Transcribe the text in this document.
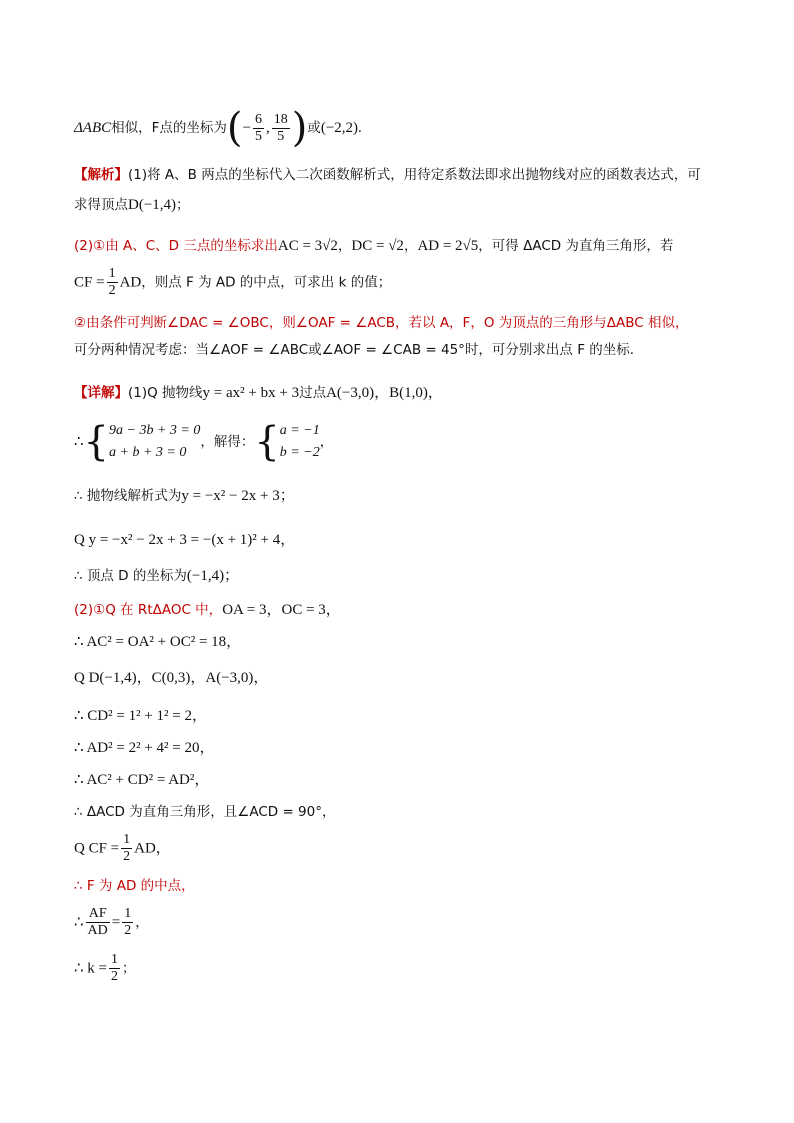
ΔABC相似，F点的坐标为(− $\frac{6}{5}$ , $\frac{18}{5}$ )或(−2,2).
【解析】(1)将 A、B 两点的坐标代入二次函数解析式，用待定系数法即求出抛物线对应的函数表达式，可
求得顶点D(−1,4)；
(2)①由 A、C、D 三点的坐标求出AC = 3√2，DC = √2，AD = 2√5，可得 ΔACD 为直角三角形，若
CF = $\frac{1}{2}$ AD，则点 F 为 AD 的中点，可求出 k 的值；
②由条件可判断∠DAC = ∠OBC，则∠OAF = ∠ACB，若以 A，F，O 为顶点的三角形与ΔABC 相似，
可分两种情况考虑：当∠AOF = ∠ABC或∠AOF = ∠CAB = 45°时，可分别求出点 F 的坐标.
【详解】(1)Q 抛物线y = ax² + bx + 3过点A(−3,0)，B(1,0)，
∴{9a − 3b + 3 = 0
a + b + 3 = 0，解得：{a = −1
b = −2，
∴ 抛物线解析式为y = −x² − 2x + 3；
Q y = −x² − 2x + 3 = −(x + 1)² + 4，
∴ 顶点 D 的坐标为(−1,4)；
(2)①Q 在 RtΔAOC 中，OA = 3，OC = 3，
∴ AC² = OA² + OC² = 18，
Q D(−1,4)，C(0,3)，A(−3,0)，
∴ CD² = 1² + 1² = 2，
∴ AD² = 2² + 4² = 20，
∴ AC² + CD² = AD²，
∴ ΔACD 为直角三角形，且∠ACD = 90°，
Q CF = $\frac{1}{2}$ AD，
∴ F 为 AD 的中点，
∴ $\frac{AF}{AD} = \frac{1}{2}$ ，
∴ $k = \frac{1}{2}$ ；
